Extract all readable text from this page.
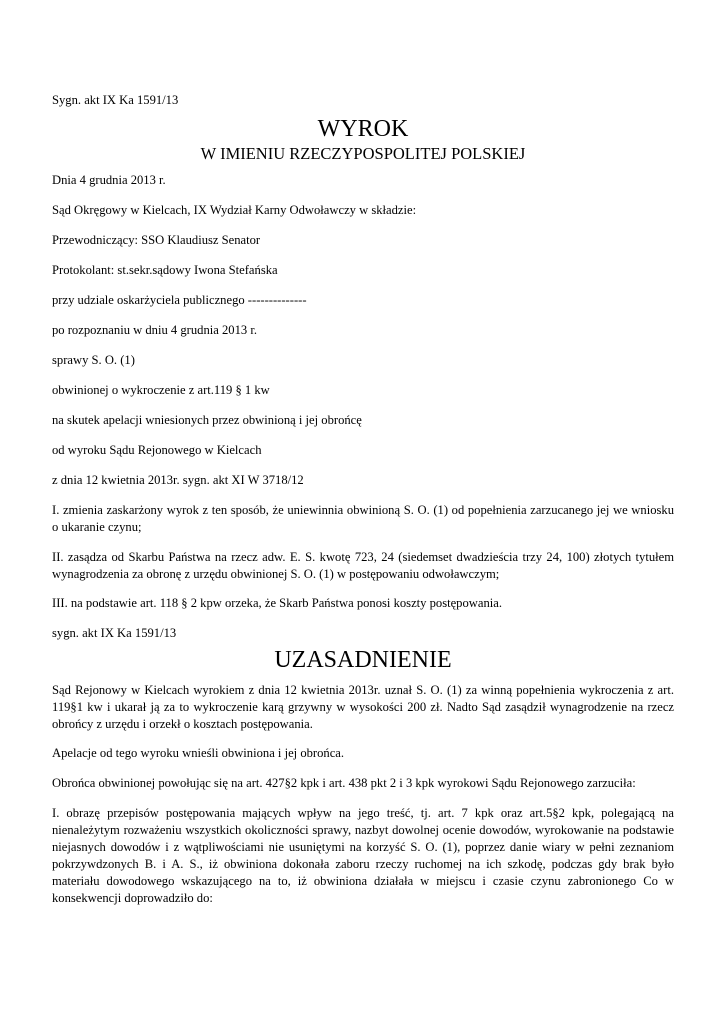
Sygn. akt IX Ka 1591/13

WYROK

W IMIENIU RZECZYPOSPOLITEJ POLSKIEJ

Dnia 4 grudnia 2013 r.

Sąd Okręgowy w Kielcach, IX Wydział Karny Odwoławczy w składzie:

Przewodniczący: SSO Klaudiusz Senator

Protokolant: st.sekr.sądowy Iwona Stefańska

przy udziale oskarżyciela publicznego --------------

po rozpoznaniu w dniu 4 grudnia 2013 r.

sprawy S. O. (1)

obwinionej o wykroczenie z art.119 § 1 kw

na skutek apelacji wniesionych przez obwinioną i jej obrońcę

od wyroku Sądu Rejonowego w Kielcach

z dnia 12 kwietnia 2013r. sygn. akt XI W 3718/12

I. zmienia zaskarżony wyrok z ten sposób, że uniewinnia obwinioną S. O. (1) od popełnienia zarzucanego jej we wniosku o ukaranie czynu;

II. zasądza od Skarbu Państwa na rzecz adw. E. S. kwotę 723, 24 (siedemset dwadzieścia trzy 24, 100) złotych tytułem wynagrodzenia za obronę z urzędu obwinionej S. O. (1) w postępowaniu odwoławczym;

III. na podstawie art. 118 § 2 kpw orzeka, że Skarb Państwa ponosi koszty postępowania.

sygn. akt IX Ka 1591/13

UZASADNIENIE

Sąd Rejonowy w Kielcach wyrokiem z dnia 12 kwietnia 2013r. uznał S. O. (1) za winną popełnienia wykroczenia z art. 119§1 kw i ukarał ją za to wykroczenie karą grzywny w wysokości 200 zł. Nadto Sąd zasądził wynagrodzenie na rzecz obrońcy z urzędu i orzekł o kosztach postępowania.

Apelacje od tego wyroku wnieśli obwiniona i jej obrońca.

Obrońca obwinionej powołując się na art. 427§2 kpk i art. 438 pkt 2 i 3 kpk wyrokowi Sądu Rejonowego zarzuciła:

I. obrazę przepisów postępowania mających wpływ na jego treść, tj. art. 7 kpk oraz art.5§2 kpk, polegającą na nienależytym rozważeniu wszystkich okoliczności sprawy, nazbyt dowolnej ocenie dowodów, wyrokowanie na podstawie niejasnych dowodów i z wątpliwościami nie usuniętymi na korzyść S. O. (1), poprzez danie wiary w pełni zeznaniom pokrzywdzonych B. i A. S., iż obwiniona dokonała zaboru rzeczy ruchomej na ich szkodę, podczas gdy brak było materiału dowodowego wskazującego na to, iż obwiniona działała w miejscu i czasie czynu zabronionego Co w konsekwencji doprowadziło do:
